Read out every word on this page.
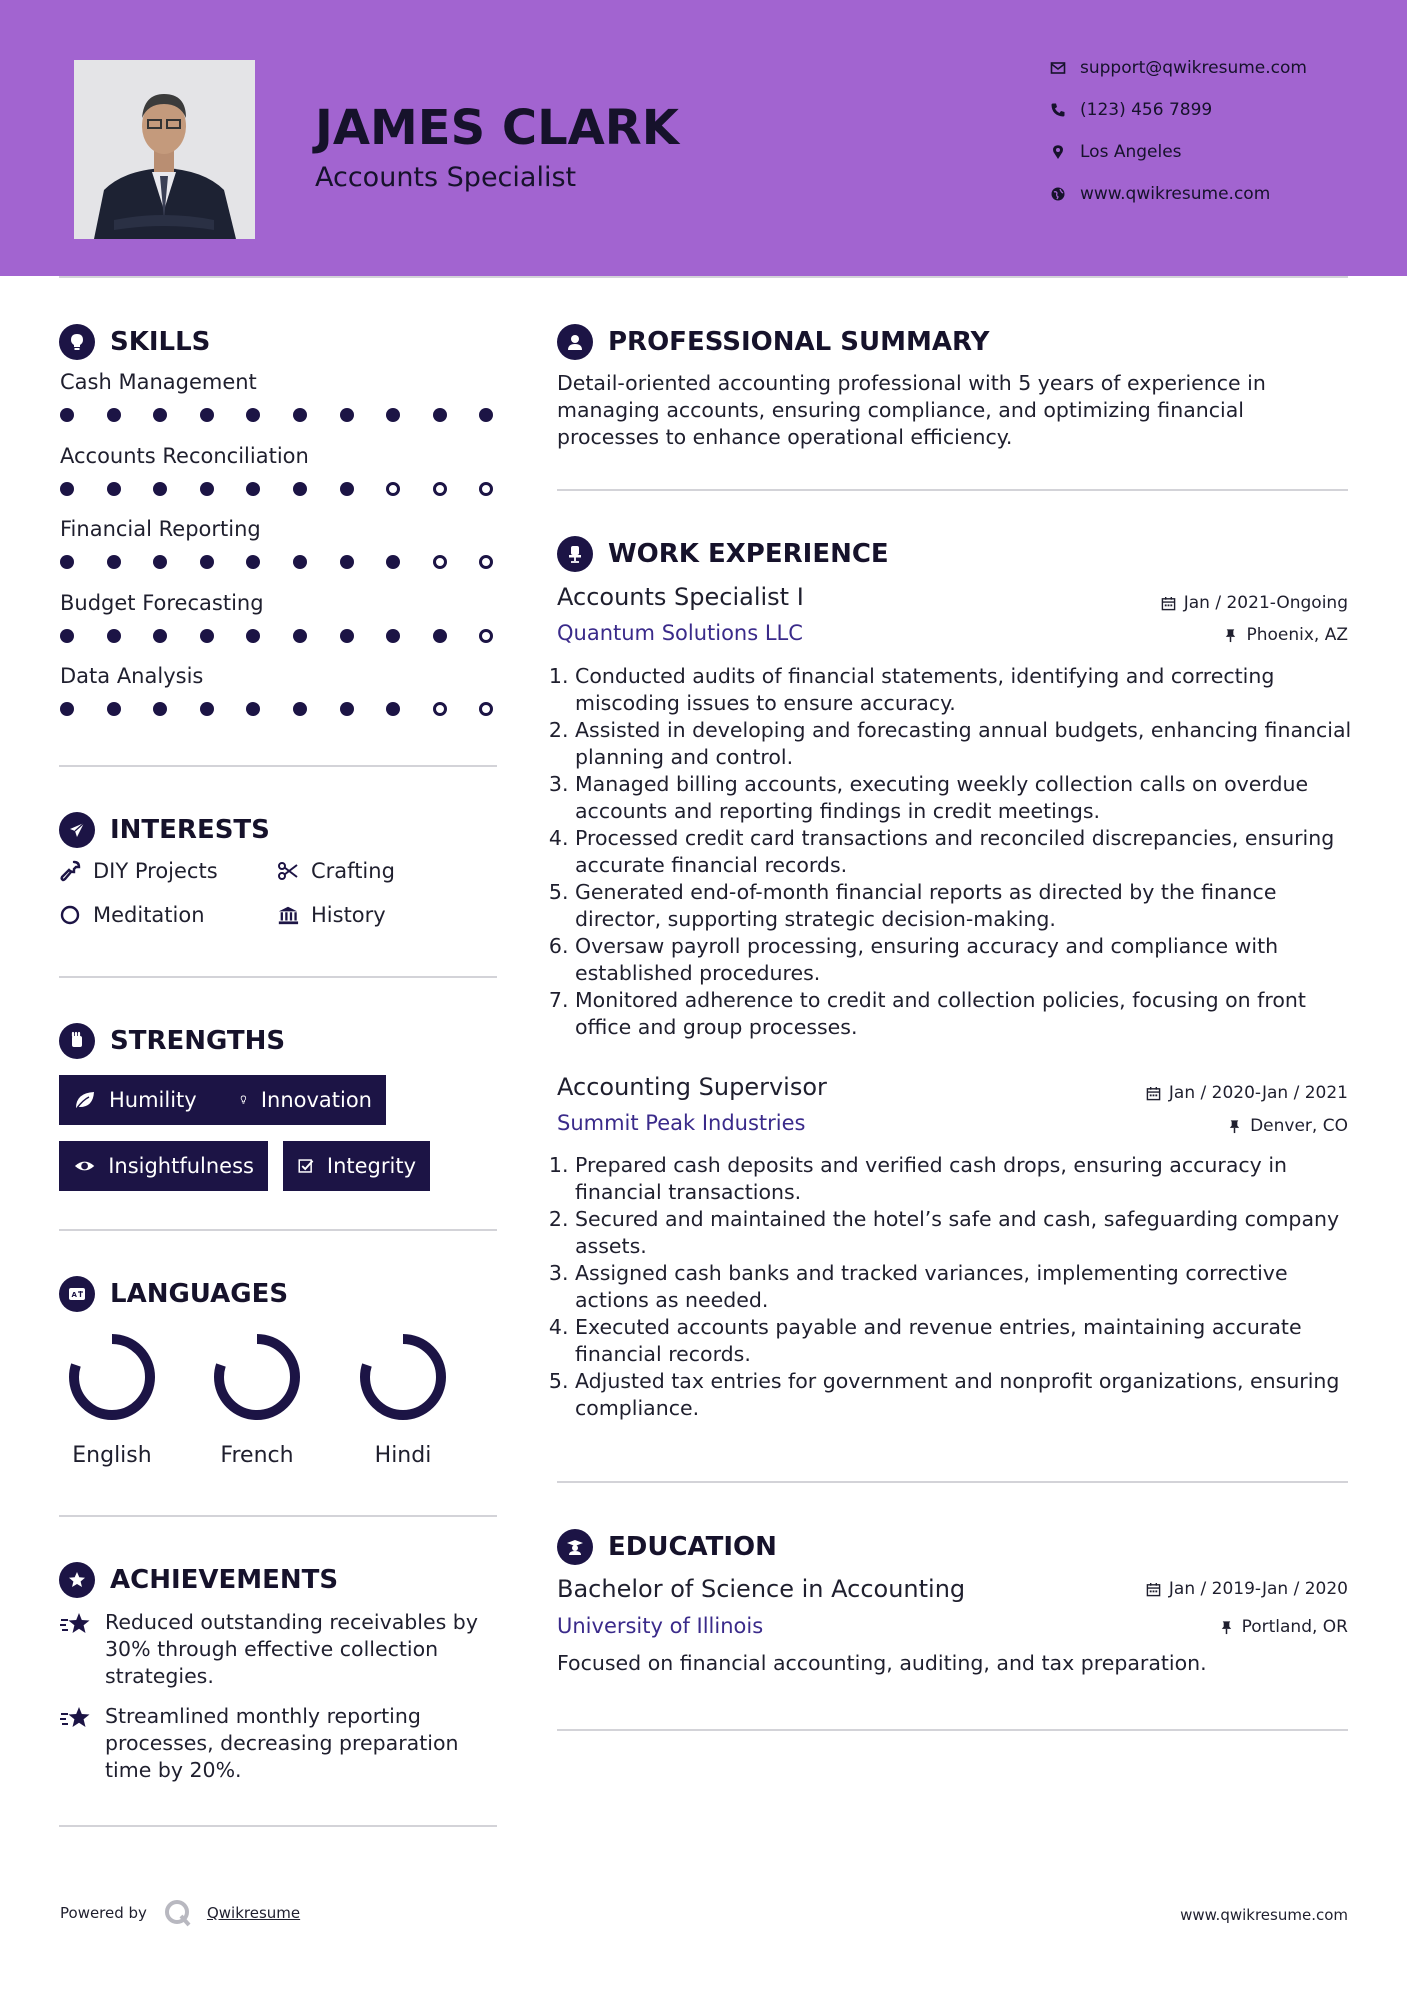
JAMES CLARK
Accounts Specialist
support@qwikresume.com
(123) 456 7899
Los Angeles
www.qwikresume.com
SKILLS
Cash Management
Accounts Reconciliation
Financial Reporting
Budget Forecasting
Data Analysis
INTERESTS
DIY Projects	Crafting
Meditation	History
STRENGTHS
Humility	Innovation
Insightfulness	Integrity
A LANGUAGES
English	French	Hindi
ACHIEVEMENTS
Reduced outstanding receivables by 30% through effective collection strategies.
Streamlined monthly reporting processes, decreasing preparation time by 20%.
PROFESSIONAL SUMMARY
Detail-oriented accounting professional with 5 years of experience in managing accounts, ensuring compliance, and optimizing financial processes to enhance operational efficiency.
WORK EXPERIENCE
Accounts Specialist I	Jan / 2021-Ongoing
Quantum Solutions LLC	Phoenix, AZ
1. Conducted audits of financial statements, identifying and correcting miscoding issues to ensure accuracy.
2. Assisted in developing and forecasting annual budgets, enhancing financial planning and control.
3. Managed billing accounts, executing weekly collection calls on overdue accounts and reporting findings in credit meetings.
4. Processed credit card transactions and reconciled discrepancies, ensuring accurate financial records.
5. Generated end-of-month financial reports as directed by the finance director, supporting strategic decision-making.
6. Oversaw payroll processing, ensuring accuracy and compliance with established procedures.
7. Monitored adherence to credit and collection policies, focusing on front office and group processes.
Accounting Supervisor	Jan / 2020-Jan / 2021
Summit Peak Industries	Denver, CO
1. Prepared cash deposits and verified cash drops, ensuring accuracy in financial transactions.
2. Secured and maintained the hotel’s safe and cash, safeguarding company assets.
3. Assigned cash banks and tracked variances, implementing corrective actions as needed.
4. Executed accounts payable and revenue entries, maintaining accurate financial records.
5. Adjusted tax entries for government and nonprofit organizations, ensuring compliance.
EDUCATION
Bachelor of Science in Accounting	Jan / 2019-Jan / 2020
University of Illinois	Portland, OR
Focused on financial accounting, auditing, and tax preparation.
Powered by	Qwikresume	www.qwikresume.com
